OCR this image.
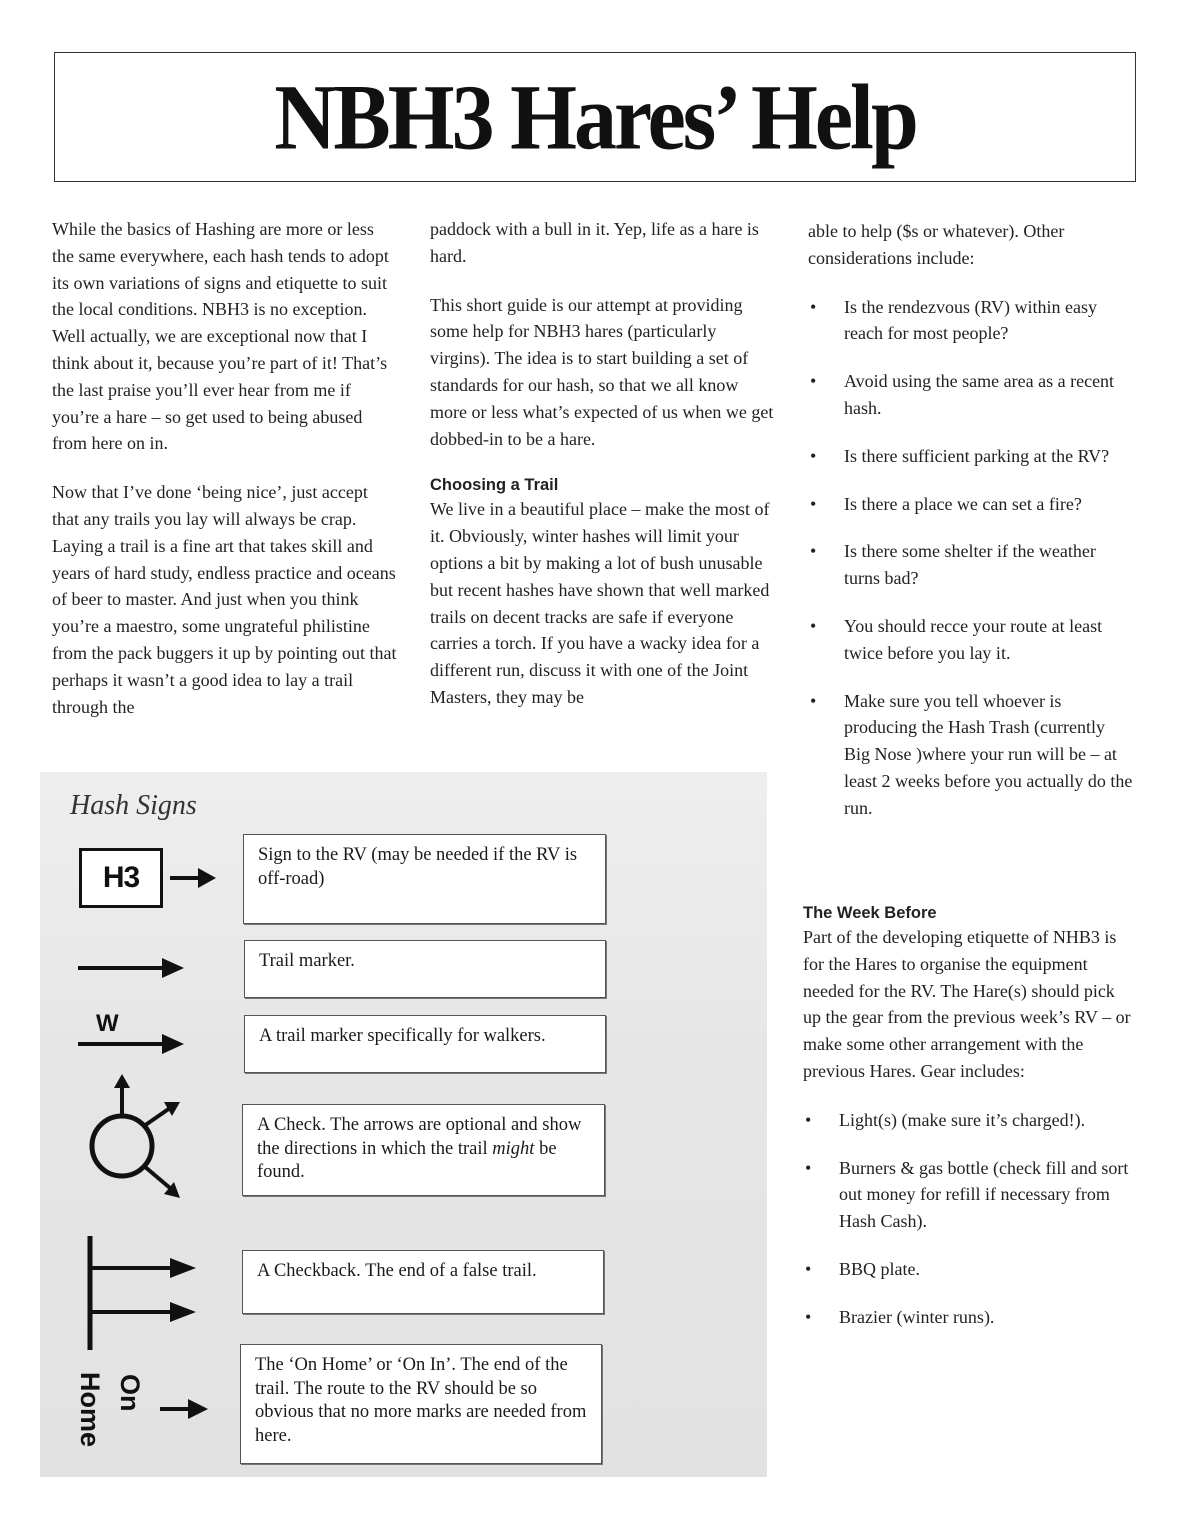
NBH3 Hares’ Help

While the basics of Hashing are more or less the same everywhere, each hash tends to adopt its own variations of signs and etiquette to suit the local conditions. NBH3 is no exception. Well actually, we are exceptional now that I think about it, because you’re part of it! That’s the last praise you’ll ever hear from me if you’re a hare – so get used to being abused from here on in.

Now that I’ve done ‘being nice’, just accept that any trails you lay will always be crap. Laying a trail is a fine art that takes skill and years of hard study, endless practice and oceans of beer to master. And just when you think you’re a maestro, some ungrateful philistine from the pack buggers it up by pointing out that perhaps it wasn’t a good idea to lay a trail through the

paddock with a bull in it. Yep, life as a hare is hard.

This short guide is our attempt at providing some help for NBH3 hares (particularly virgins). The idea is to start building a set of standards for our hash, so that we all know more or less what’s expected of us when we get dobbed-in to be a hare.

Choosing a Trail

We live in a beautiful place – make the most of it. Obviously, winter hashes will limit your options a bit by making a lot of bush unusable but recent hashes have shown that well marked trails on decent tracks are safe if everyone carries a torch. If you have a wacky idea for a different run, discuss it with one of the Joint Masters, they may be

able to help ($s or whatever). Other considerations include:

• Is the rendezvous (RV) within easy reach for most people?
• Avoid using the same area as a recent hash.
• Is there sufficient parking at the RV?
• Is there a place we can set a fire?
• Is there some shelter if the weather turns bad?
• You should recce your route at least twice before you lay it.
• Make sure you tell whoever is producing the Hash Trash (currently Big Nose )where your run will be – at least 2 weeks before you actually do the run.
The Week Before

Part of the developing etiquette of NHB3 is for the Hares to organise the equipment needed for the RV. The Hare(s) should pick up the gear from the previous week’s RV – or make some other arrangement with the previous Hares. Gear includes:

• Light(s) (make sure it’s charged!).
• Burners & gas bottle (check fill and sort out money for refill if necessary from Hash Cash).
• BBQ plate.
• Brazier (winter runs).
Hash Signs
H3
Sign to the RV (may be needed if the RV is off-road)
Trail marker.
W	A trail marker specifically for walkers.
A Check. The arrows are optional and show the directions in which the trail might be found.
A Checkback. The end of a false trail.
On
Home
The ‘On Home’ or ‘On In’. The end of the trail. The route to the RV should be so obvious that no more marks are needed from here.
